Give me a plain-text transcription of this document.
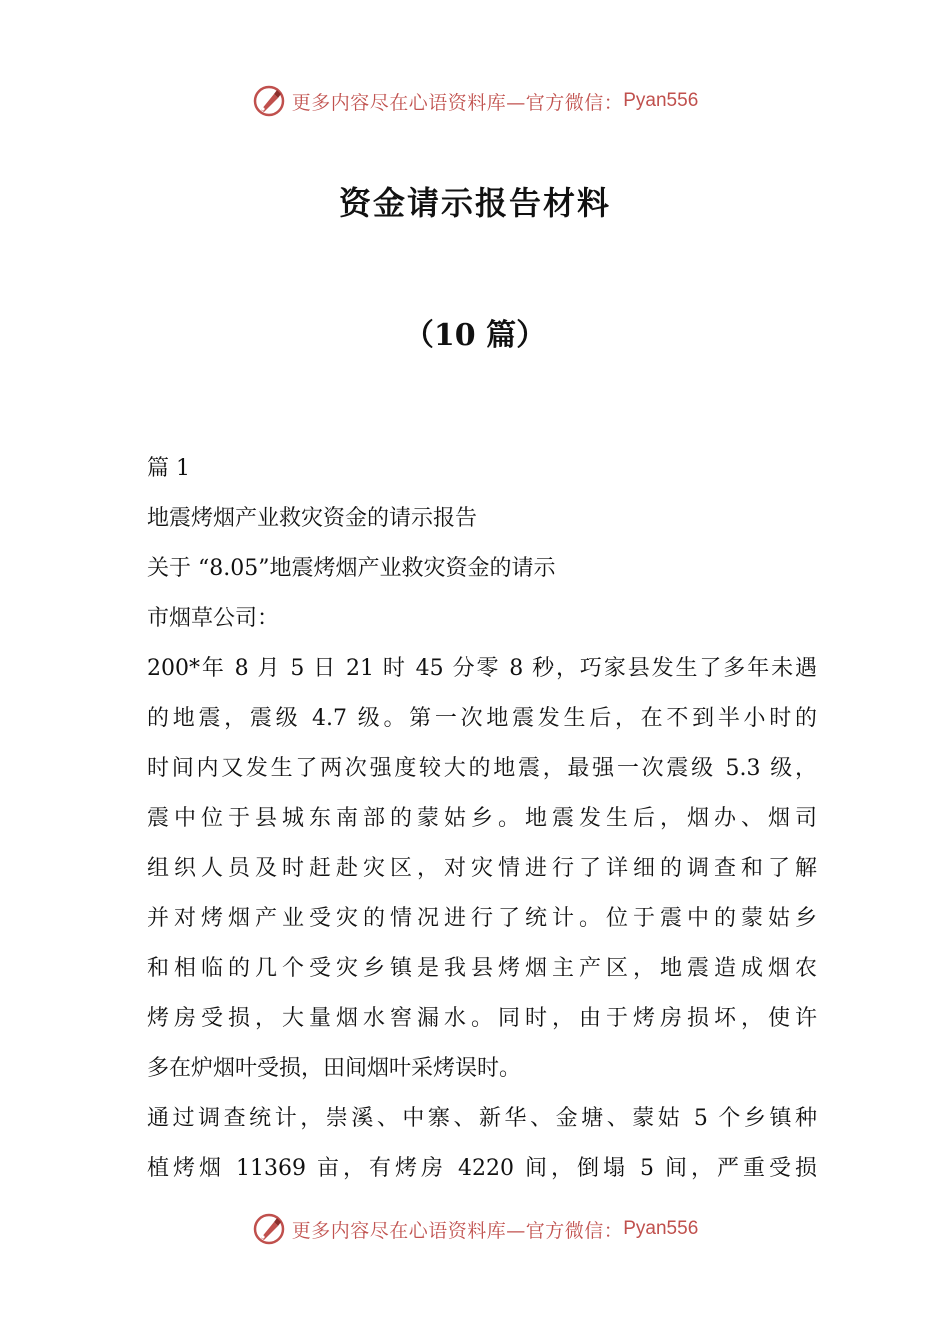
更多内容尽在心语资料库—官方微信： Pyan556
资金请示报告材料
（10 篇）

篇 1

地震烤烟产业救灾资金的请示报告

关于 “8.05”地震烤烟产业救灾资金的请示

市烟草公司：

200*年 8 月 5 日 21 时 45 分零 8 秒，巧家县发生了多年未遇

的地震，震级 4.7 级。第一次地震发生后，在不到半小时的

时间内又发生了两次强度较大的地震，最强一次震级 5.3 级，

震中位于县城东南部的蒙姑乡。地震发生后，烟办、烟司

组织人员及时赶赴灾区，对灾情进行了详细的调查和了解

并对烤烟产业受灾的情况进行了统计。位于震中的蒙姑乡

和相临的几个受灾乡镇是我县烤烟主产区，地震造成烟农

烤房受损，大量烟水窖漏水。同时，由于烤房损坏，使许

多在炉烟叶受损，田间烟叶采烤误时。

通过调查统计，崇溪、中寨、新华、金塘、蒙姑 5 个乡镇种

植烤烟 11369 亩，有烤房 4220 间，倒塌 5 间，严重受损

更多内容尽在心语资料库—官方微信： Pyan556
